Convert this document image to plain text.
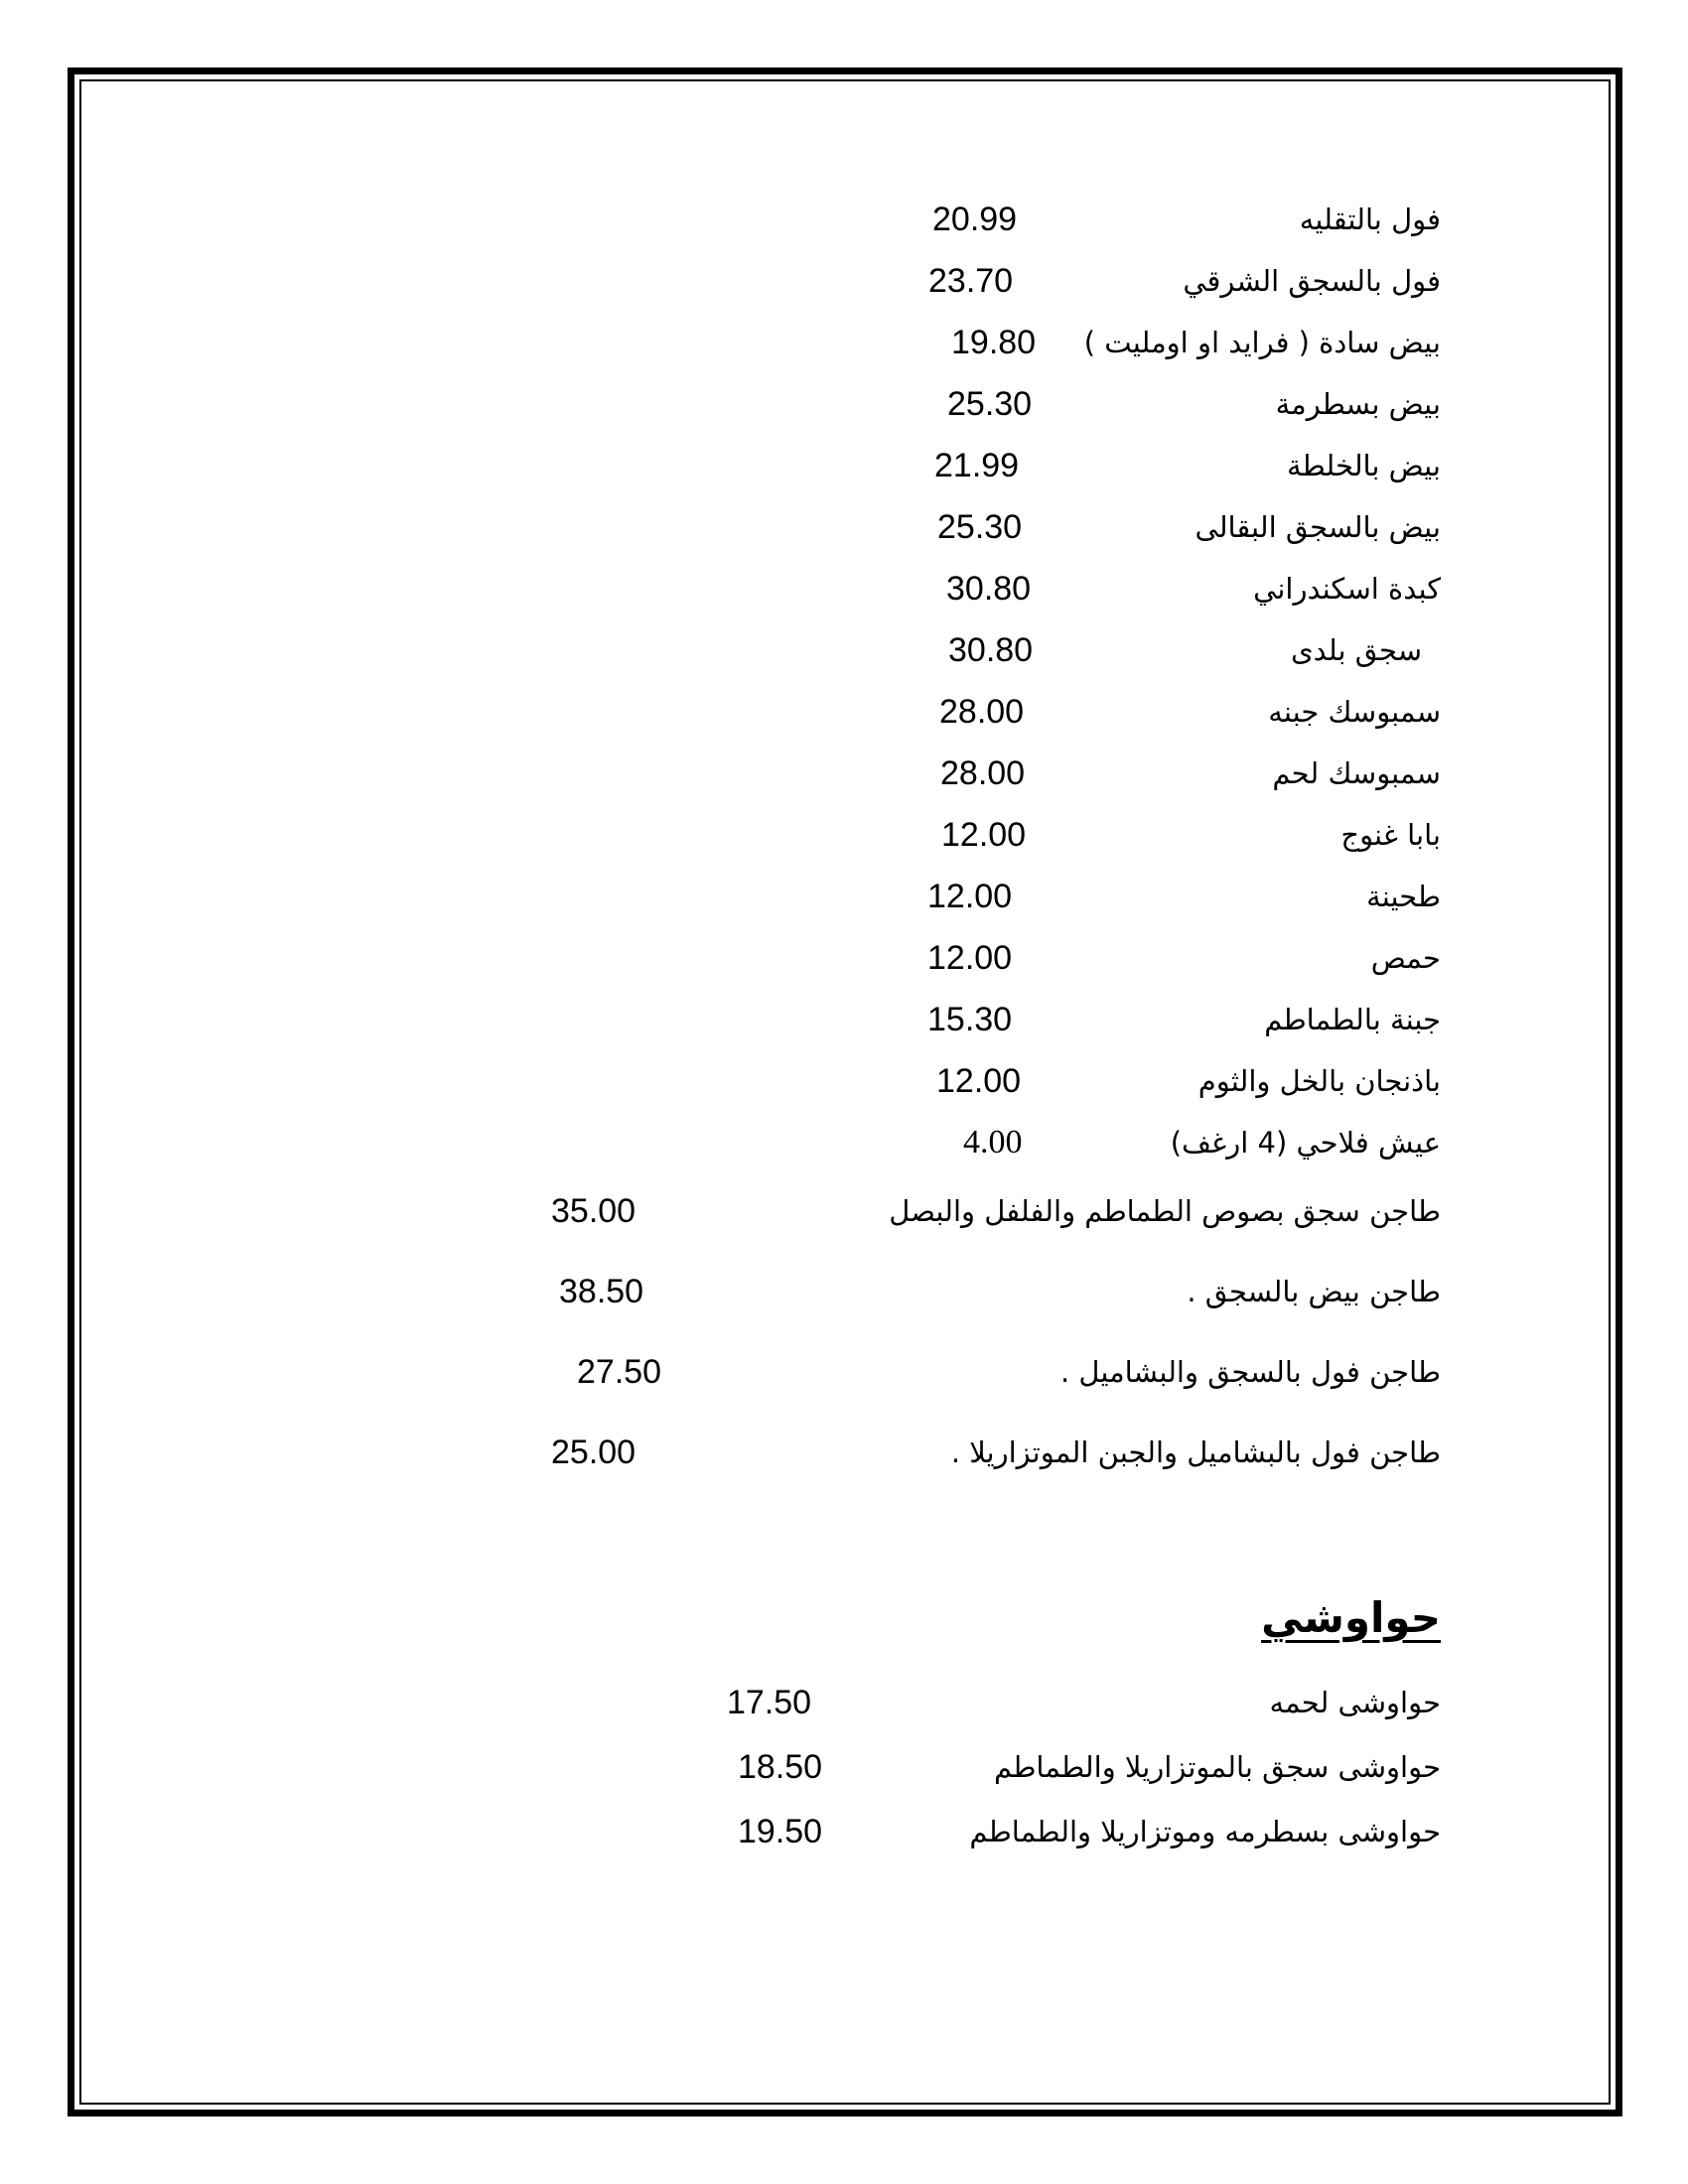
فول بالتقليه
20.99
فول بالسجق الشرقي
23.70
بيض سادة ( فرايد او اومليت )
19.80
بيض بسطرمة
25.30
بيض بالخلطة
21.99
بيض بالسجق البقالى
25.30
كبدة اسكندراني
30.80
سجق بلدى
30.80
سمبوسك جبنه
28.00
سمبوسك لحم
28.00
بابا غنوج
12.00
طحينة
12.00
حمص
12.00
جبنة بالطماطم
15.30
باذنجان بالخل والثوم
12.00
عيش فلاحي (4 ارغف)
4.00
طاجن سجق بصوص الطماطم والفلفل والبصل
35.00
طاجن بيض بالسجق .
38.50
طاجن فول بالسجق والبشاميل .
27.50
طاجن فول بالبشاميل والجبن الموتزاريلا .
25.00
حواوشي
حواوشى لحمه
17.50
حواوشى سجق بالموتزاريلا والطماطم
18.50
حواوشى بسطرمه وموتزاريلا والطماطم
19.50
